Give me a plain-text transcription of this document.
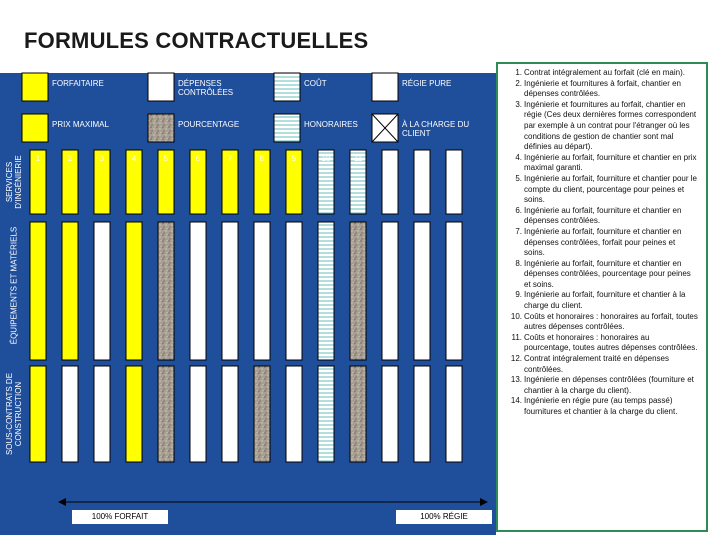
FORMULES CONTRACTUELLES
FORFAITAIRE	DÉPENSES CONTRÔLÉES
COÛT	RÉGIE PURE
PRIX MAXIMAL	POURCENTAGE	HONORAIRES	À LA CHARGE DU CLIENT
SERVICES D'INGÉNIERIE
ÉQUIPEMENTS ET MATÉRIELS
SOUS-CONTRATS DE CONSTRUCTION
1	2	3	4	5	6	7	8	9	10	11	12	13	14
100% FORFAIT	100% RÉGIE
1. Contrat intégralement au forfait (clé en main).
2. Ingénierie et fournitures à forfait, chantier en dépenses contrôlées.
3. Ingénierie et fournitures au forfait, chantier en régie (Ces deux dernières formes correspondent par exemple à un contrat pour l'étranger où les conditions de gestion de chantier sont mal définies au départ).
4. Ingénierie au forfait, fourniture et chantier en prix maximal garanti.
5. Ingénierie au forfait, fourniture et chantier pour le compte du client, pourcentage pour peines et soins.
6. Ingénierie au forfait, fourniture et chantier en dépenses contrôlées.
7. Ingénierie au forfait, fourniture et chantier en dépenses contrôlées, forfait pour peines et soins.
8. Ingénierie au forfait, fourniture et chantier en dépenses contrôlées, pourcentage pour peines et soins.
9. Ingénierie au forfait, fourniture et chantier à la charge du client.
10. Coûts et honoraires : honoraires au forfait, toutes autres dépenses contrôlées.
11. Coûts et honoraires : honoraires au pourcentage, toutes autres dépenses contrôlées.
12. Contrat intégralement traité en dépenses contrôlées.
13. Ingénierie en dépenses contrôlées (fourniture et chantier à la charge du client).
14. Ingénierie en régie pure (au temps passé) fournitures et chantier à la charge du client.
Crédit JL Barat
